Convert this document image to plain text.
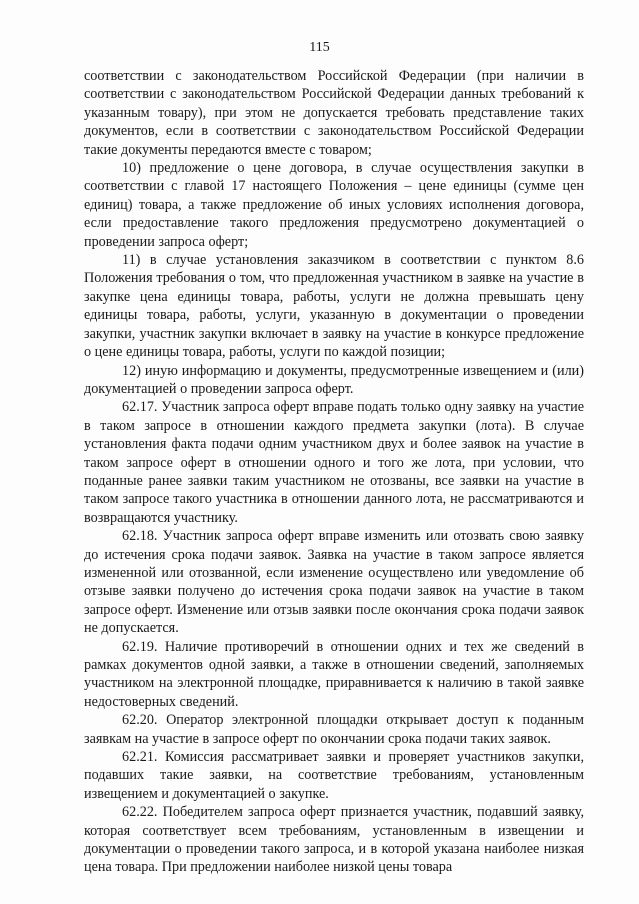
115

соответствии с законодательством Российской Федерации (при наличии в соответствии с законодательством Российской Федерации данных требований к указанным товару), при этом не допускается требовать представление таких документов, если в соответствии с законодательством Российской Федерации такие документы передаются вместе с товаром;

10) предложение о цене договора, в случае осуществления закупки в соответствии с главой 17 настоящего Положения – цене единицы (сумме цен единиц) товара, а также предложение об иных условиях исполнения договора, если предоставление такого предложения предусмотрено документацией о проведении запроса оферт;

11) в случае установления заказчиком в соответствии с пунктом 8.6 Положения требования о том, что предложенная участником в заявке на участие в закупке цена единицы товара, работы, услуги не должна превышать цену единицы товара, работы, услуги, указанную в документации о проведении закупки, участник закупки включает в заявку на участие в конкурсе предложение о цене единицы товара, работы, услуги по каждой позиции;

12) иную информацию и документы, предусмотренные извещением и (или) документацией о проведении запроса оферт.

62.17. Участник запроса оферт вправе подать только одну заявку на участие в таком запросе в отношении каждого предмета закупки (лота). В случае установления факта подачи одним участником двух и более заявок на участие в таком запросе оферт в отношении одного и того же лота, при условии, что поданные ранее заявки таким участником не отозваны, все заявки на участие в таком запросе такого участника в отношении данного лота, не рассматриваются и возвращаются участнику.

62.18. Участник запроса оферт вправе изменить или отозвать свою заявку до истечения срока подачи заявок. Заявка на участие в таком запросе является измененной или отозванной, если изменение осуществлено или уведомление об отзыве заявки получено до истечения срока подачи заявок на участие в таком запросе оферт. Изменение или отзыв заявки после окончания срока подачи заявок не допускается.

62.19. Наличие противоречий в отношении одних и тех же сведений в рамках документов одной заявки, а также в отношении сведений, заполняемых участником на электронной площадке, приравнивается к наличию в такой заявке недостоверных сведений.

62.20. Оператор электронной площадки открывает доступ к поданным заявкам на участие в запросе оферт по окончании срока подачи таких заявок.

62.21. Комиссия рассматривает заявки и проверяет участников закупки, подавших такие заявки, на соответствие требованиям, установленным извещением и документацией о закупке.

62.22. Победителем запроса оферт признается участник, подавший заявку, которая соответствует всем требованиям, установленным в извещении и документации о проведении такого запроса, и в которой указана наиболее низкая цена товара. При предложении наиболее низкой цены товара
